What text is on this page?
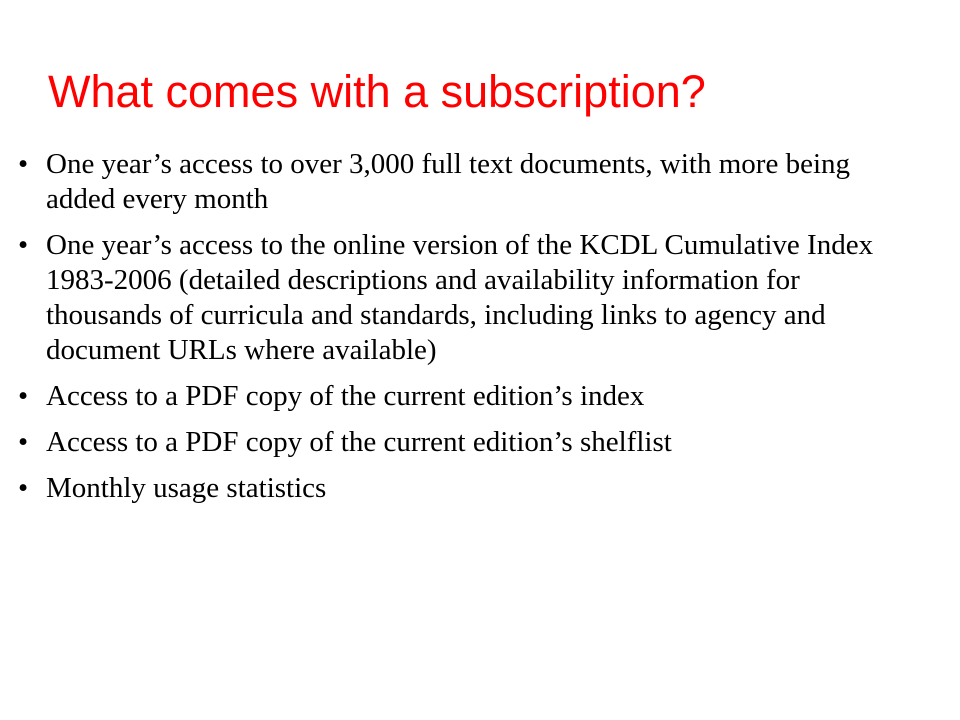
What comes with a subscription?
• One year’s access to over 3,000 full text documents, with more being added every month
• One year’s access to the online version of the KCDL Cumulative Index 1983-2006 (detailed descriptions and availability information for thousands of curricula and standards, including links to agency and document URLs where available)
• Access to a PDF copy of the current edition’s index
• Access to a PDF copy of the current edition’s shelflist
• Monthly usage statistics
